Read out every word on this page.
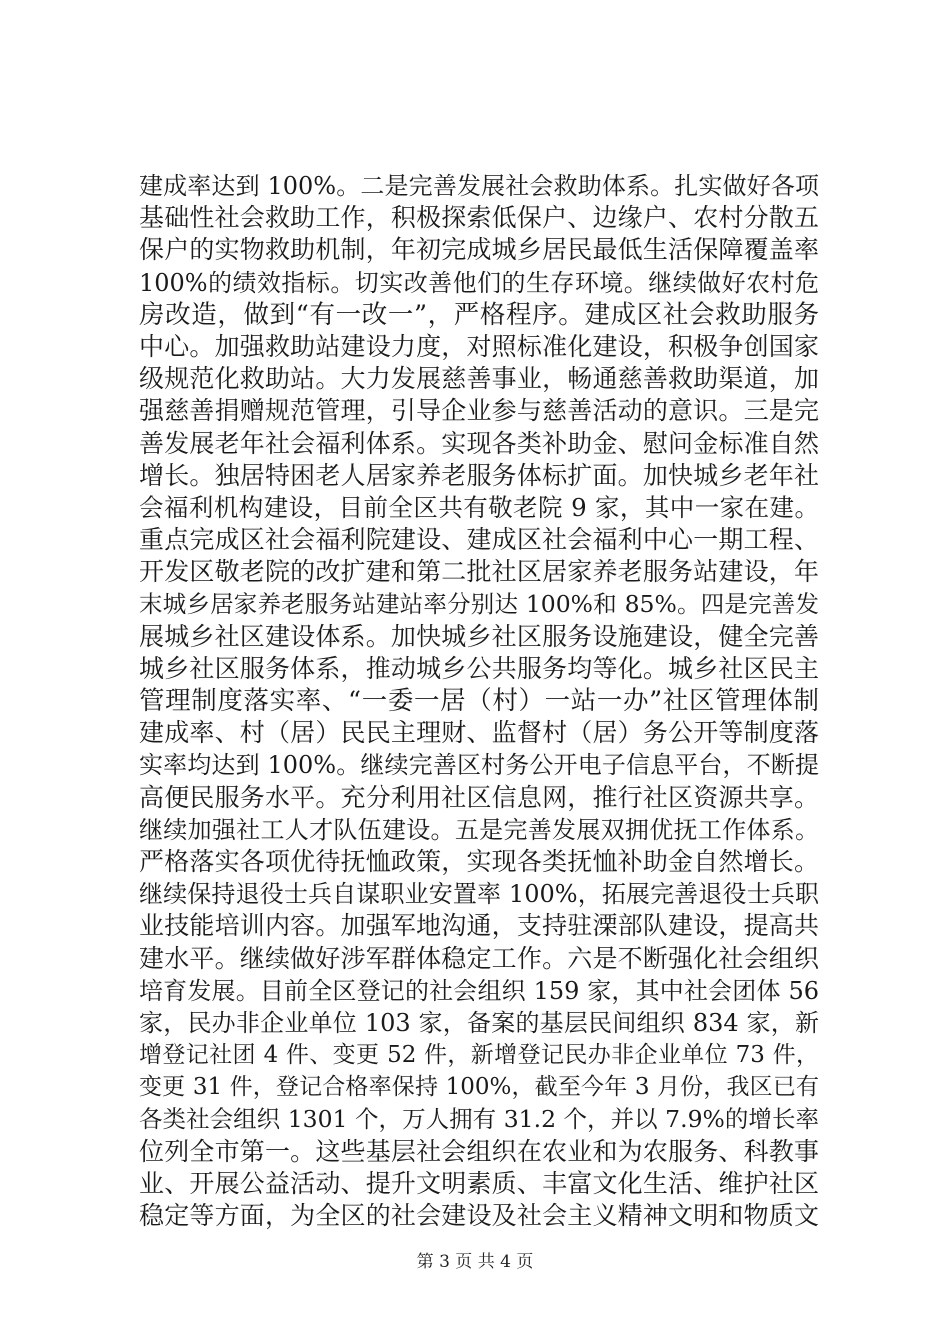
建成率达到 100%。二是完善发展社会救助体系。扎实做好各项
基础性社会救助工作，积极探索低保户、边缘户、农村分散五
保户的实物救助机制，年初完成城乡居民最低生活保障覆盖率
100%的绩效指标。切实改善他们的生存环境。继续做好农村危
房改造，做到“有一改一”，严格程序。建成区社会救助服务
中心。加强救助站建设力度，对照标准化建设，积极争创国家
级规范化救助站。大力发展慈善事业，畅通慈善救助渠道，加
强慈善捐赠规范管理，引导企业参与慈善活动的意识。三是完
善发展老年社会福利体系。实现各类补助金、慰问金标准自然
增长。独居特困老人居家养老服务体标扩面。加快城乡老年社
会福利机构建设，目前全区共有敬老院 9 家，其中一家在建。
重点完成区社会福利院建设、建成区社会福利中心一期工程、
开发区敬老院的改扩建和第二批社区居家养老服务站建设，年
末城乡居家养老服务站建站率分别达 100%和 85%。四是完善发
展城乡社区建设体系。加快城乡社区服务设施建设，健全完善
城乡社区服务体系，推动城乡公共服务均等化。城乡社区民主
管理制度落实率、“一委一居（村）一站一办”社区管理体制
建成率、村（居）民民主理财、监督村（居）务公开等制度落
实率均达到 100%。继续完善区村务公开电子信息平台，不断提
高便民服务水平。充分利用社区信息网，推行社区资源共享。
继续加强社工人才队伍建设。五是完善发展双拥优抚工作体系。
严格落实各项优待抚恤政策，实现各类抚恤补助金自然增长。
继续保持退役士兵自谋职业安置率 100%，拓展完善退役士兵职
业技能培训内容。加强军地沟通，支持驻溧部队建设，提高共
建水平。继续做好涉军群体稳定工作。六是不断强化社会组织
培育发展。目前全区登记的社会组织 159 家，其中社会团体 56
家，民办非企业单位 103 家，备案的基层民间组织 834 家，新
增登记社团 4 件、变更 52 件，新增登记民办非企业单位 73 件，
变更 31 件，登记合格率保持 100%，截至今年 3 月份，我区已有
各类社会组织 1301 个，万人拥有 31.2 个，并以 7.9%的增长率
位列全市第一。这些基层社会组织在农业和为农服务、科教事
业、开展公益活动、提升文明素质、丰富文化生活、维护社区
稳定等方面，为全区的社会建设及社会主义精神文明和物质文
第 3 页 共 4 页
